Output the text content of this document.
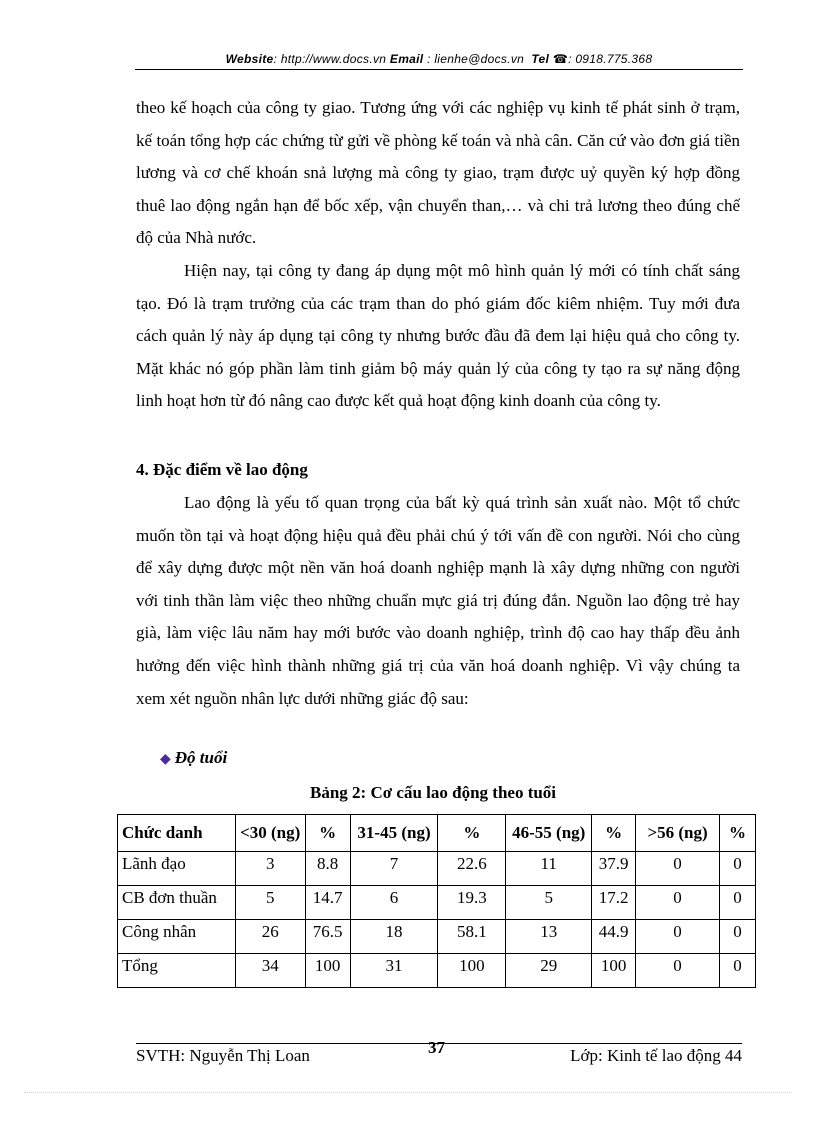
Website: http://www.docs.vn Email : lienhe@docs.vn Tel ☎: 0918.775.368

theo kế hoạch của công ty giao. Tương ứng với các nghiệp vụ kinh tế phát sinh ở trạm, kế toán tổng hợp các chứng từ gửi về phòng kế toán và nhà cân. Căn cứ vào đơn giá tiền lương và cơ chế khoán snả lượng mà công ty giao, trạm được uỷ quyền ký hợp đồng thuê lao động ngắn hạn để bốc xếp, vận chuyển than,… và chi trả lương theo đúng chế độ của Nhà nước.

Hiện nay, tại công ty đang áp dụng một mô hình quản lý mới có tính chất sáng tạo. Đó là trạm trưởng của các trạm than do phó giám đốc kiêm nhiệm. Tuy mới đưa cách quản lý này áp dụng tại công ty nhưng bước đầu đã đem lại hiệu quả cho công ty. Mặt khác nó góp phần làm tinh giảm bộ máy quản lý của công ty tạo ra sự năng động linh hoạt hơn từ đó nâng cao được kết quả hoạt động kinh doanh của công ty.

4. Đặc điểm về lao động

Lao động là yếu tố quan trọng của bất kỳ quá trình sản xuất nào. Một tổ chức muốn tồn tại và hoạt động hiệu quả đều phải chú ý tới vấn đề con người. Nói cho cùng để xây dựng được một nền văn hoá doanh nghiệp mạnh là xây dựng những con người với tinh thần làm việc theo những chuẩn mực giá trị đúng đắn. Nguồn lao động trẻ hay già, làm việc lâu năm hay mới bước vào doanh nghiệp, trình độ cao hay thấp đều ảnh hưởng đến việc hình thành những giá trị của văn hoá doanh nghiệp. Vì vậy chúng ta xem xét nguồn nhân lực dưới những giác độ sau:

◆ Độ tuổi
Bảng 2: Cơ cấu lao động theo tuổi
Chức danh	<30 (ng)	%	31-45 (ng)	%	46-55 (ng)	%	>56 (ng)	%
Lãnh đạo	3	8.8	7	22.6	11	37.9	0	0
CB đơn thuần	5	14.7	6	19.3	5	17.2	0	0
Công nhân	26	76.5	18	58.1	13	44.9	0	0
Tổng	34	100	31	100	29	100	0	0
SVTH: Nguyễn Thị Loan	37	Lớp: Kinh tế lao động 44
